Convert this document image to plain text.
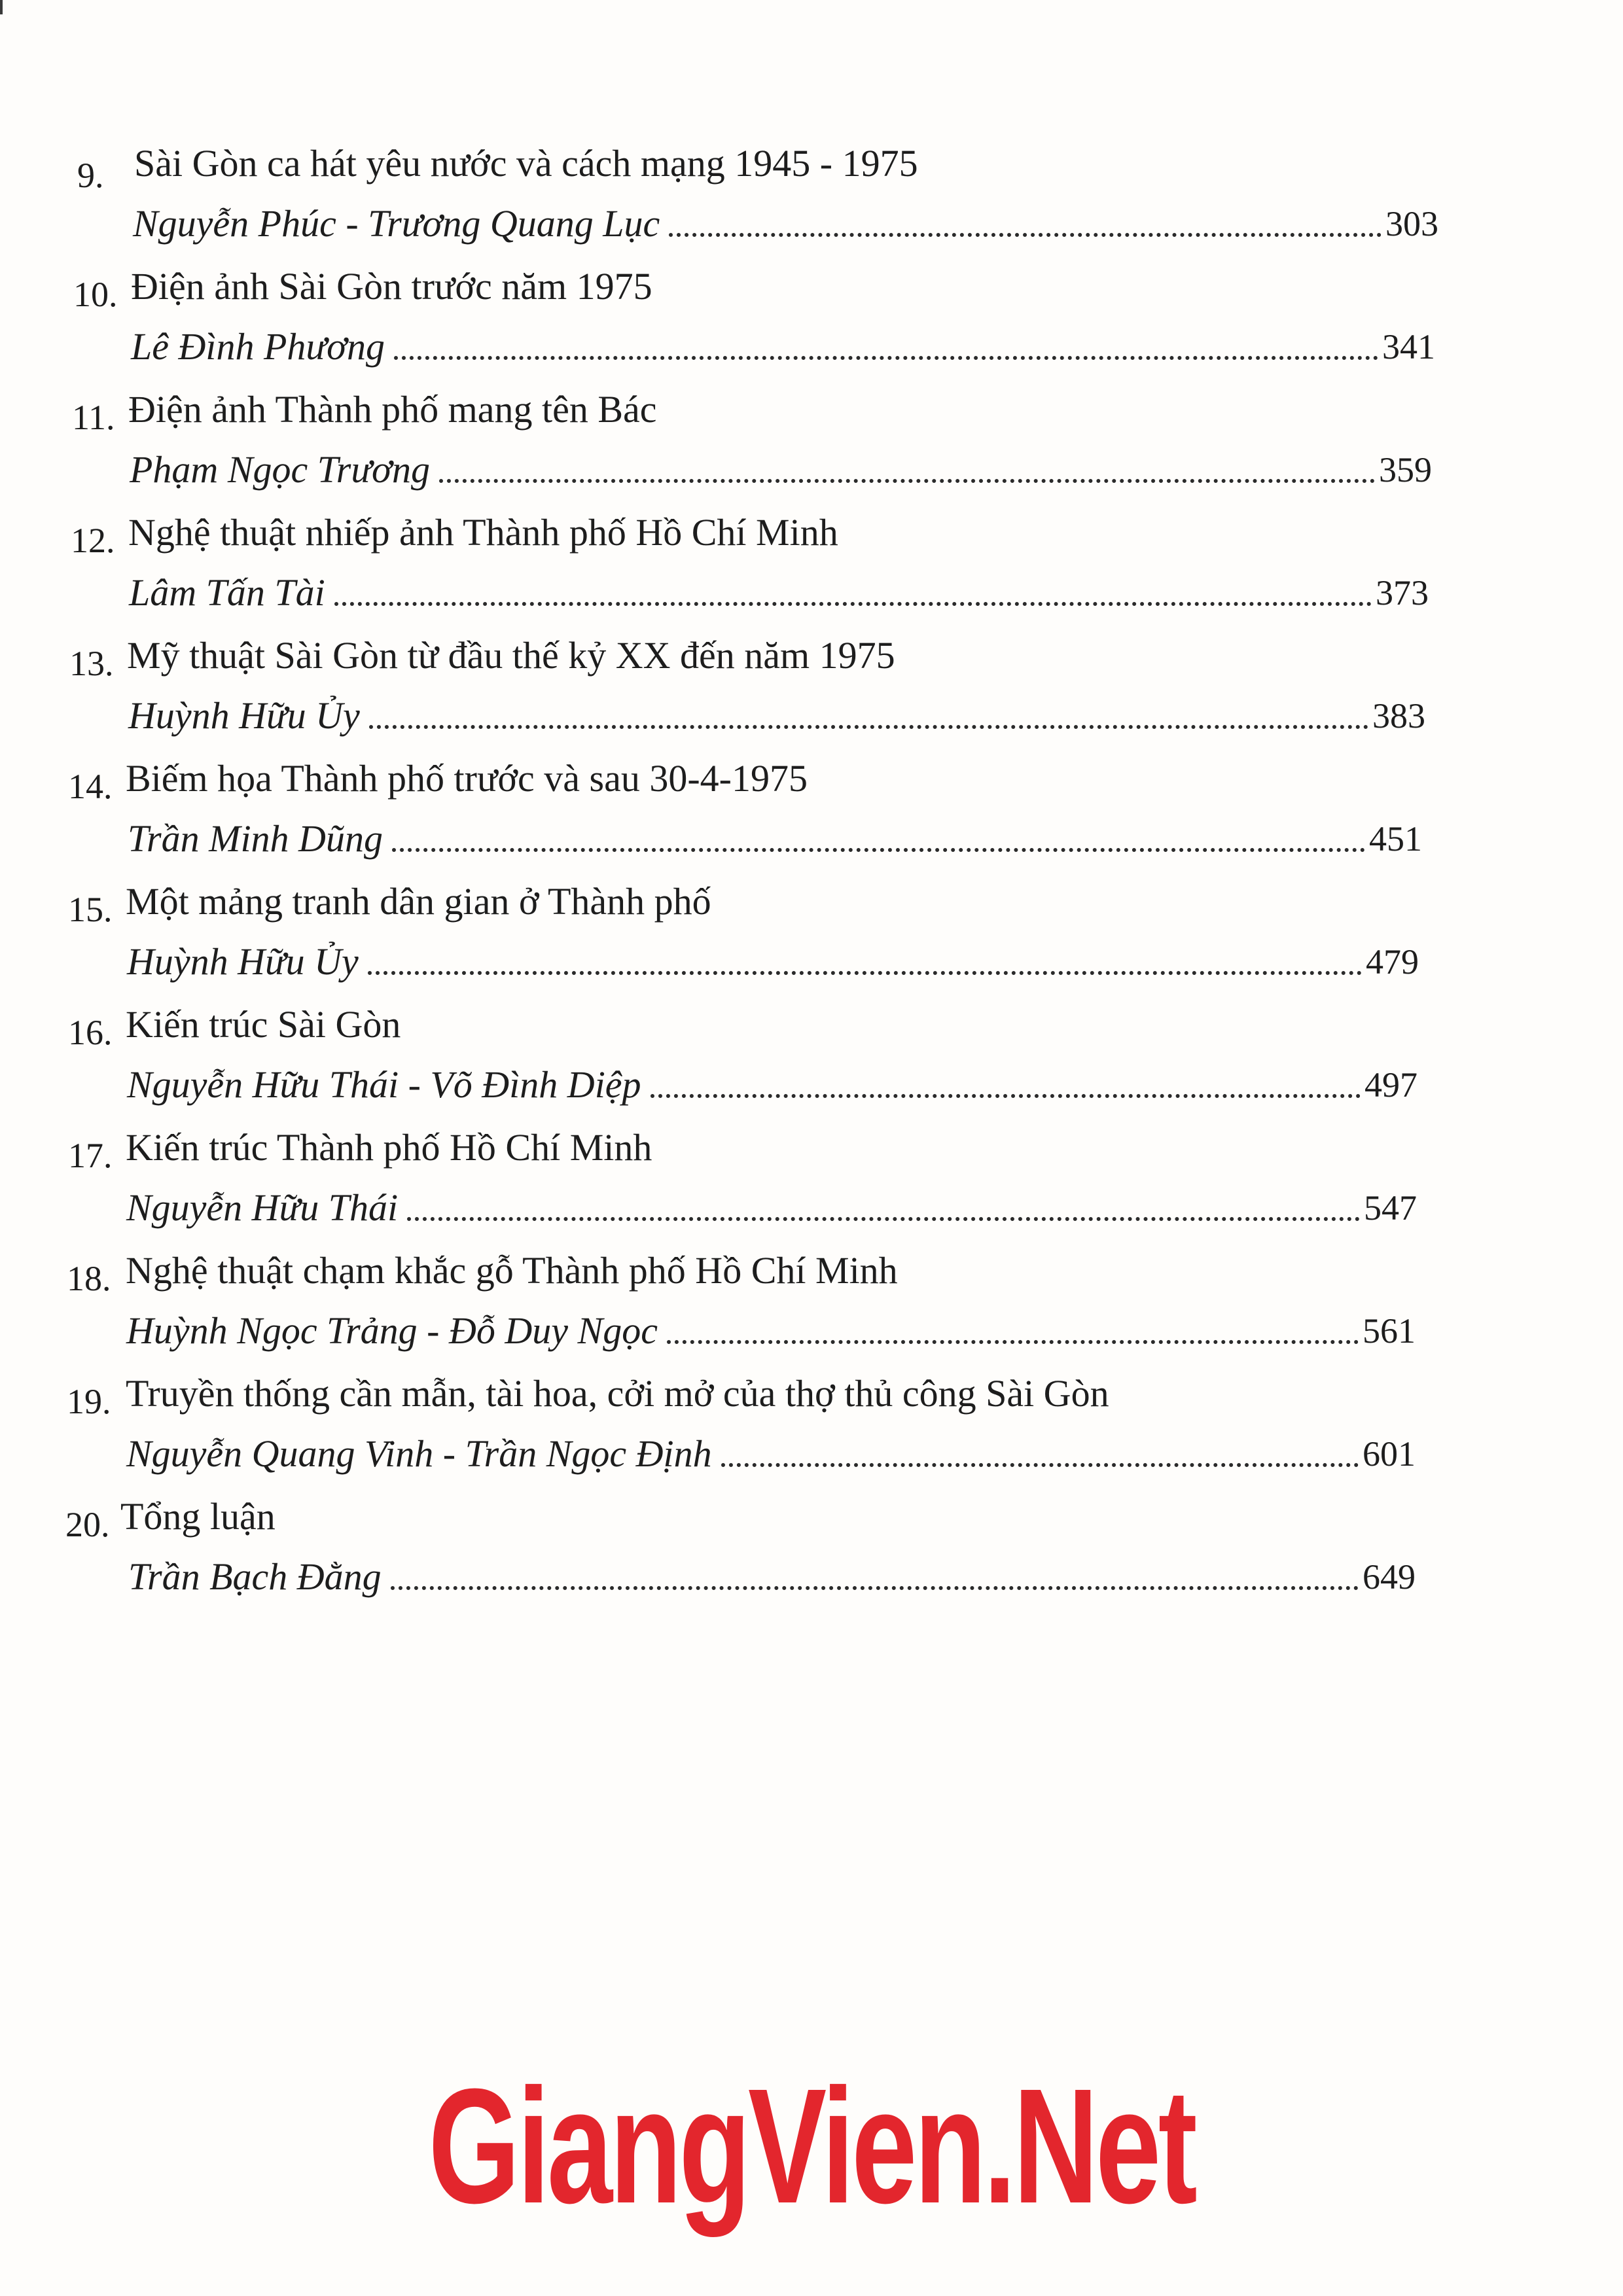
9. Sài Gòn ca hát yêu nước và cách mạng 1945 - 1975
Nguyễn Phúc - Trương Quang Lục	303
10. Điện ảnh Sài Gòn trước năm 1975
Lê Đình Phương	341
11. Điện ảnh Thành phố mang tên Bác
Phạm Ngọc Trương	359
12. Nghệ thuật nhiếp ảnh Thành phố Hồ Chí Minh
Lâm Tấn Tài	373
13. Mỹ thuật Sài Gòn từ đầu thế kỷ XX đến năm 1975
Huỳnh Hữu Ủy	383
14. Biếm họa Thành phố trước và sau 30-4-1975
Trần Minh Dũng	451
15. Một mảng tranh dân gian ở Thành phố
Huỳnh Hữu Ủy	479
16. Kiến trúc Sài Gòn
Nguyễn Hữu Thái - Võ Đình Diệp	497
17. Kiến trúc Thành phố Hồ Chí Minh
Nguyễn Hữu Thái	547
18. Nghệ thuật chạm khắc gỗ Thành phố Hồ Chí Minh
Huỳnh Ngọc Trảng - Đỗ Duy Ngọc	561
19. Truyền thống cần mẫn, tài hoa, cởi mở của thợ thủ công Sài Gòn
Nguyễn Quang Vinh - Trần Ngọc Định	601
20. Tổng luận
Trần Bạch Đằng	649
GiangVien.Net
